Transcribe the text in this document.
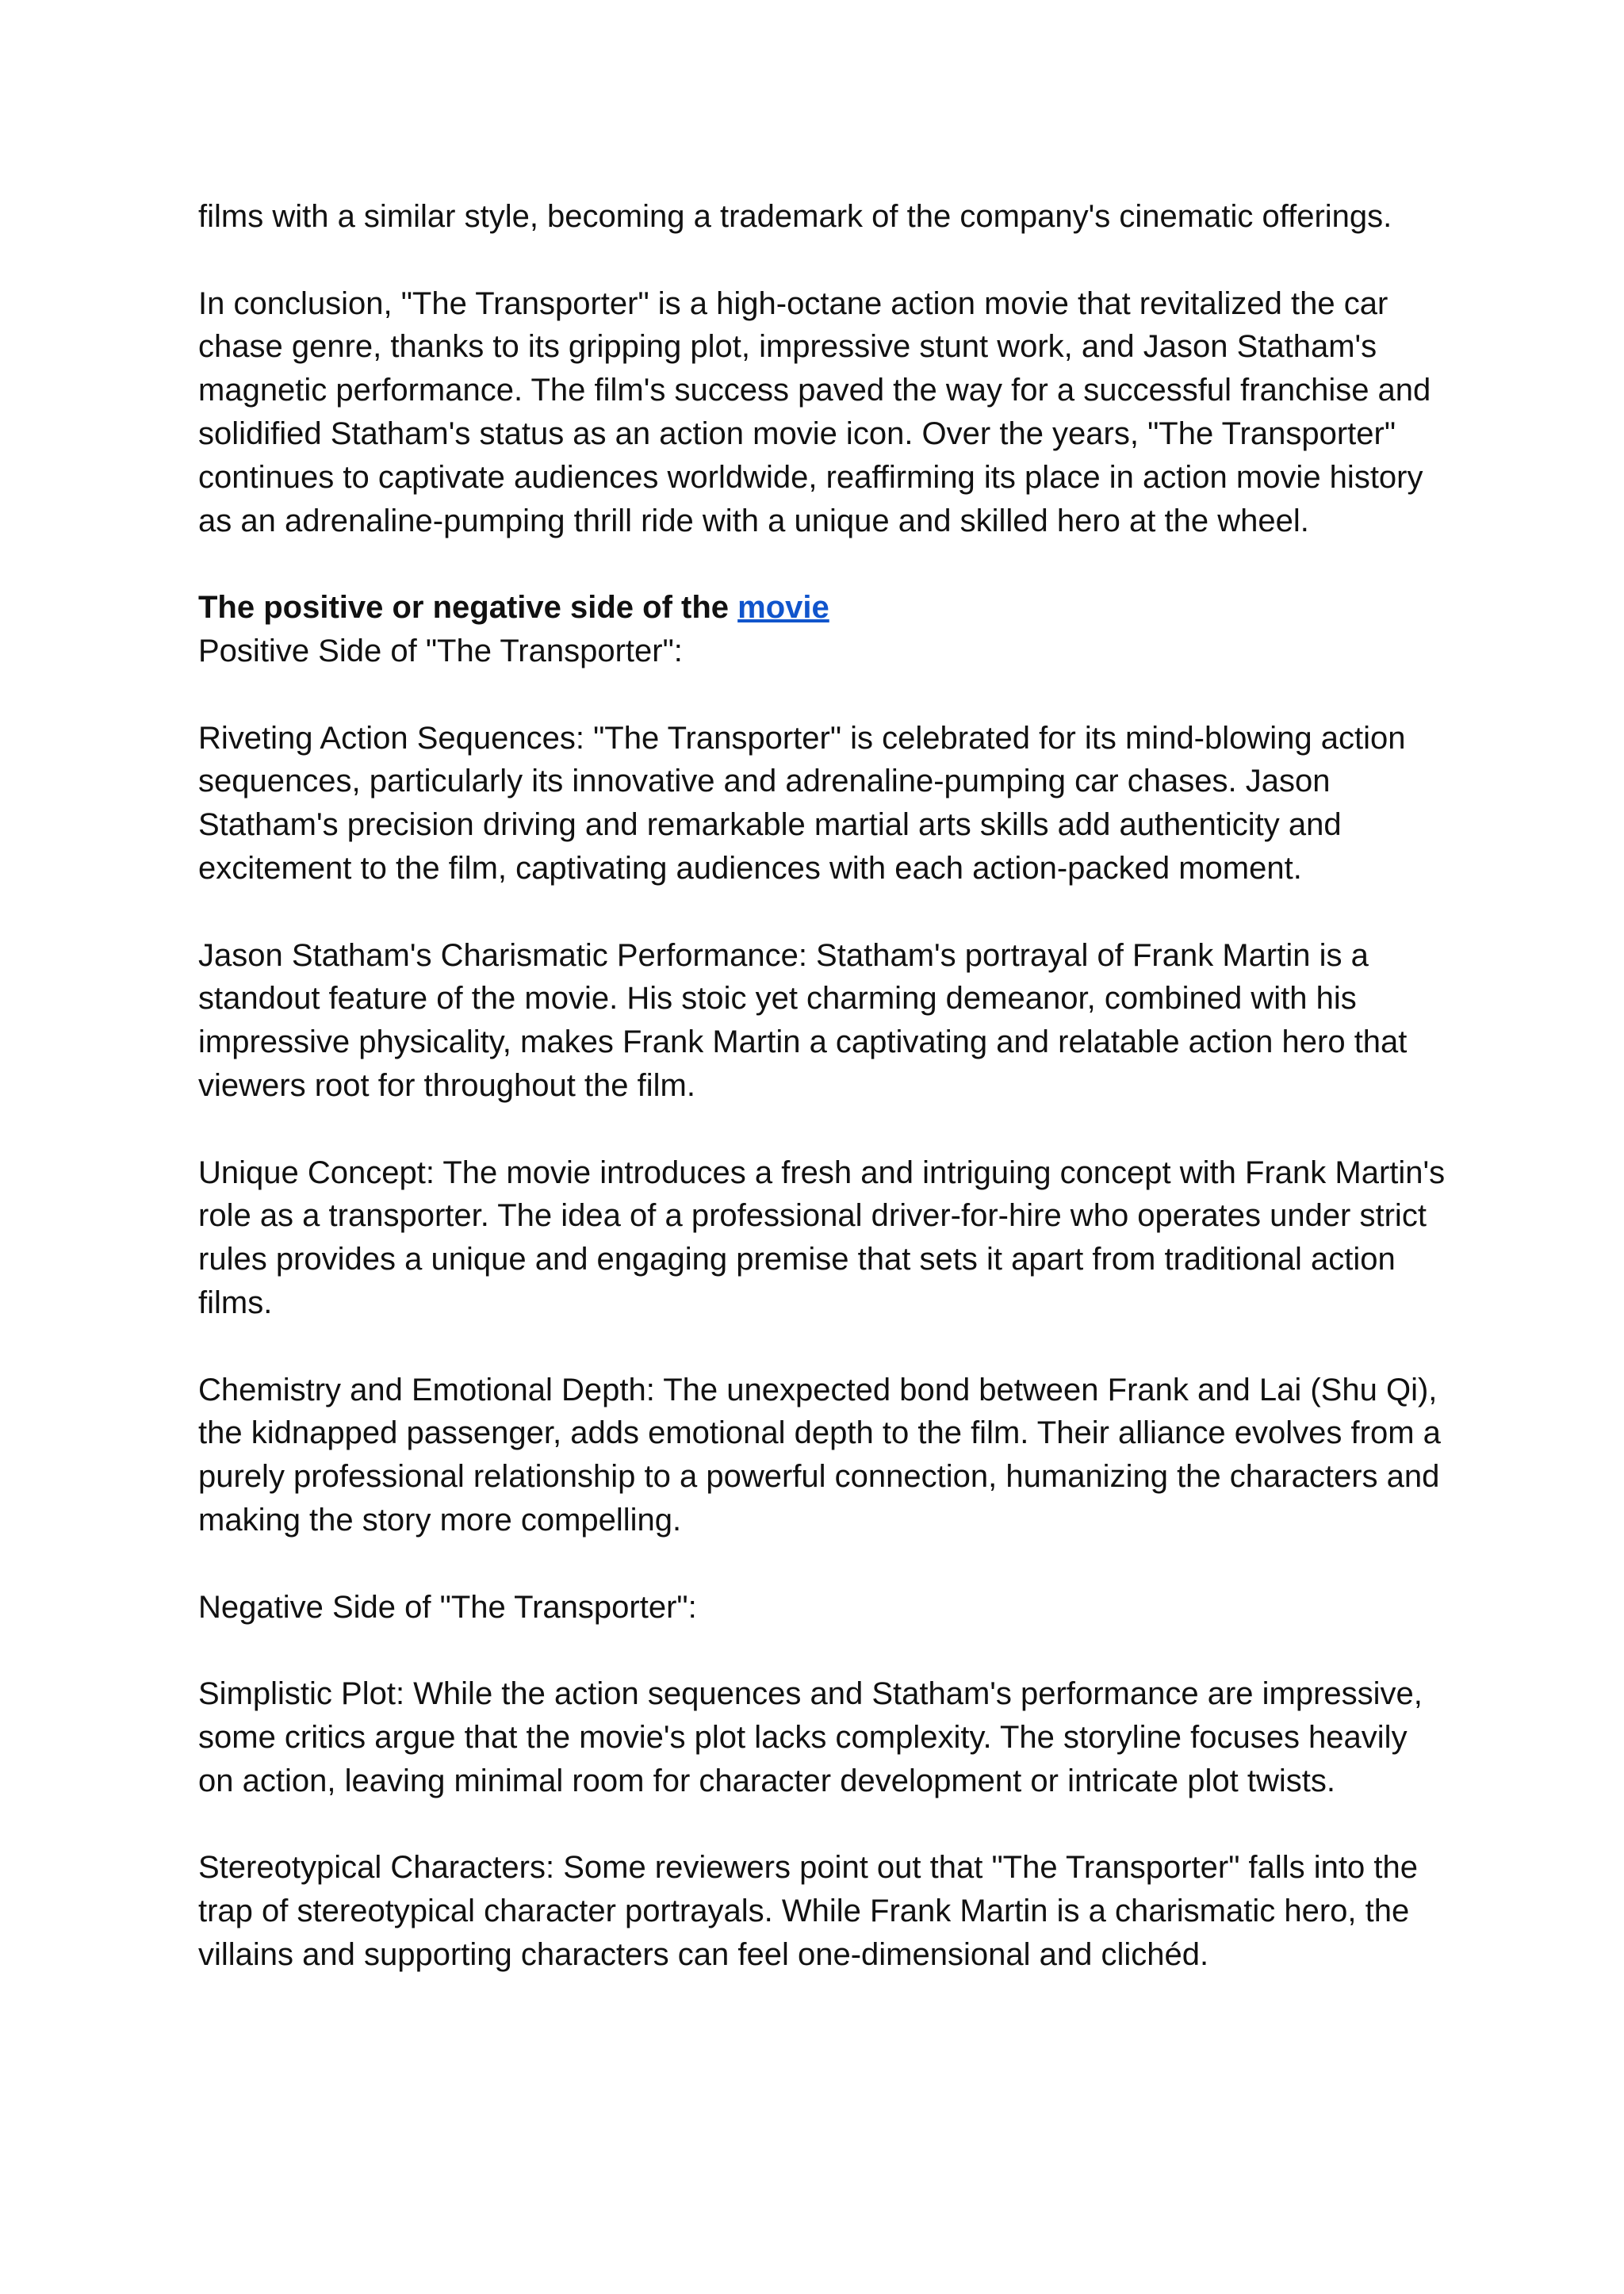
films with a similar style, becoming a trademark of the company's cinematic offerings.

In conclusion, "The Transporter" is a high-octane action movie that revitalized the car chase genre, thanks to its gripping plot, impressive stunt work, and Jason Statham's magnetic performance. The film's success paved the way for a successful franchise and solidified Statham's status as an action movie icon. Over the years, "The Transporter" continues to captivate audiences worldwide, reaffirming its place in action movie history as an adrenaline-pumping thrill ride with a unique and skilled hero at the wheel.

The positive or negative side of the movie

Positive Side of "The Transporter":

Riveting Action Sequences: "The Transporter" is celebrated for its mind-blowing action sequences, particularly its innovative and adrenaline-pumping car chases. Jason Statham's precision driving and remarkable martial arts skills add authenticity and excitement to the film, captivating audiences with each action-packed moment.

Jason Statham's Charismatic Performance: Statham's portrayal of Frank Martin is a standout feature of the movie. His stoic yet charming demeanor, combined with his impressive physicality, makes Frank Martin a captivating and relatable action hero that viewers root for throughout the film.

Unique Concept: The movie introduces a fresh and intriguing concept with Frank Martin's role as a transporter. The idea of a professional driver-for-hire who operates under strict rules provides a unique and engaging premise that sets it apart from traditional action films.

Chemistry and Emotional Depth: The unexpected bond between Frank and Lai (Shu Qi), the kidnapped passenger, adds emotional depth to the film. Their alliance evolves from a purely professional relationship to a powerful connection, humanizing the characters and making the story more compelling.

Negative Side of "The Transporter":

Simplistic Plot: While the action sequences and Statham's performance are impressive, some critics argue that the movie's plot lacks complexity. The storyline focuses heavily on action, leaving minimal room for character development or intricate plot twists.

Stereotypical Characters: Some reviewers point out that "The Transporter" falls into the trap of stereotypical character portrayals. While Frank Martin is a charismatic hero, the villains and supporting characters can feel one-dimensional and clichéd.
